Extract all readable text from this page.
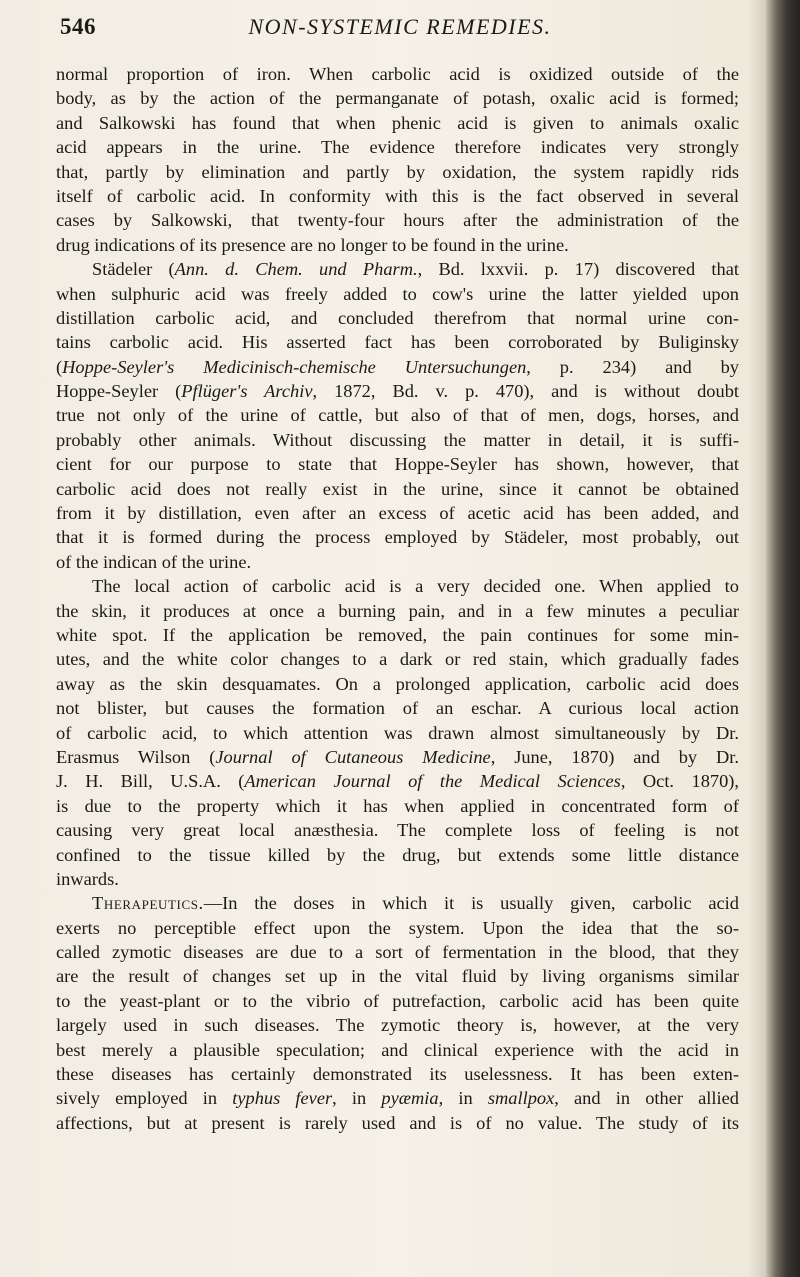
546	NON-SYSTEMIC REMEDIES.
normal proportion of iron. When carbolic acid is oxidized outside of the
body, as by the action of the permanganate of potash, oxalic acid is formed;
and Salkowski has found that when phenic acid is given to animals oxalic
acid appears in the urine. The evidence therefore indicates very strongly
that, partly by elimination and partly by oxidation, the system rapidly rids
itself of carbolic acid. In conformity with this is the fact observed in several
cases by Salkowski, that twenty-four hours after the administration of the
drug indications of its presence are no longer to be found in the urine.
Städeler (Ann. d. Chem. und Pharm., Bd. lxxvii. p. 17) discovered that
when sulphuric acid was freely added to cow's urine the latter yielded upon
distillation carbolic acid, and concluded therefrom that normal urine con-
tains carbolic acid. His asserted fact has been corroborated by Buliginsky
(Hoppe-Seyler's Medicinisch-chemische Untersuchungen, p. 234) and by
Hoppe-Seyler (Pflüger's Archiv, 1872, Bd. v. p. 470), and is without doubt
true not only of the urine of cattle, but also of that of men, dogs, horses, and
probably other animals. Without discussing the matter in detail, it is suffi-
cient for our purpose to state that Hoppe-Seyler has shown, however, that
carbolic acid does not really exist in the urine, since it cannot be obtained
from it by distillation, even after an excess of acetic acid has been added, and
that it is formed during the process employed by Städeler, most probably, out
of the indican of the urine.
The local action of carbolic acid is a very decided one. When applied to
the skin, it produces at once a burning pain, and in a few minutes a peculiar
white spot. If the application be removed, the pain continues for some min-
utes, and the white color changes to a dark or red stain, which gradually fades
away as the skin desquamates. On a prolonged application, carbolic acid does
not blister, but causes the formation of an eschar. A curious local action
of carbolic acid, to which attention was drawn almost simultaneously by Dr.
Erasmus Wilson (Journal of Cutaneous Medicine, June, 1870) and by Dr.
J. H. Bill, U.S.A. (American Journal of the Medical Sciences, Oct. 1870),
is due to the property which it has when applied in concentrated form of
causing very great local anæsthesia. The complete loss of feeling is not
confined to the tissue killed by the drug, but extends some little distance
inwards.
Therapeutics.—In the doses in which it is usually given, carbolic acid
exerts no perceptible effect upon the system. Upon the idea that the so-
called zymotic diseases are due to a sort of fermentation in the blood, that they
are the result of changes set up in the vital fluid by living organisms similar
to the yeast-plant or to the vibrio of putrefaction, carbolic acid has been quite
largely used in such diseases. The zymotic theory is, however, at the very
best merely a plausible speculation; and clinical experience with the acid in
these diseases has certainly demonstrated its uselessness. It has been exten-
sively employed in typhus fever, in pyæmia, in smallpox, and in other allied
affections, but at present is rarely used and is of no value. The study of its
